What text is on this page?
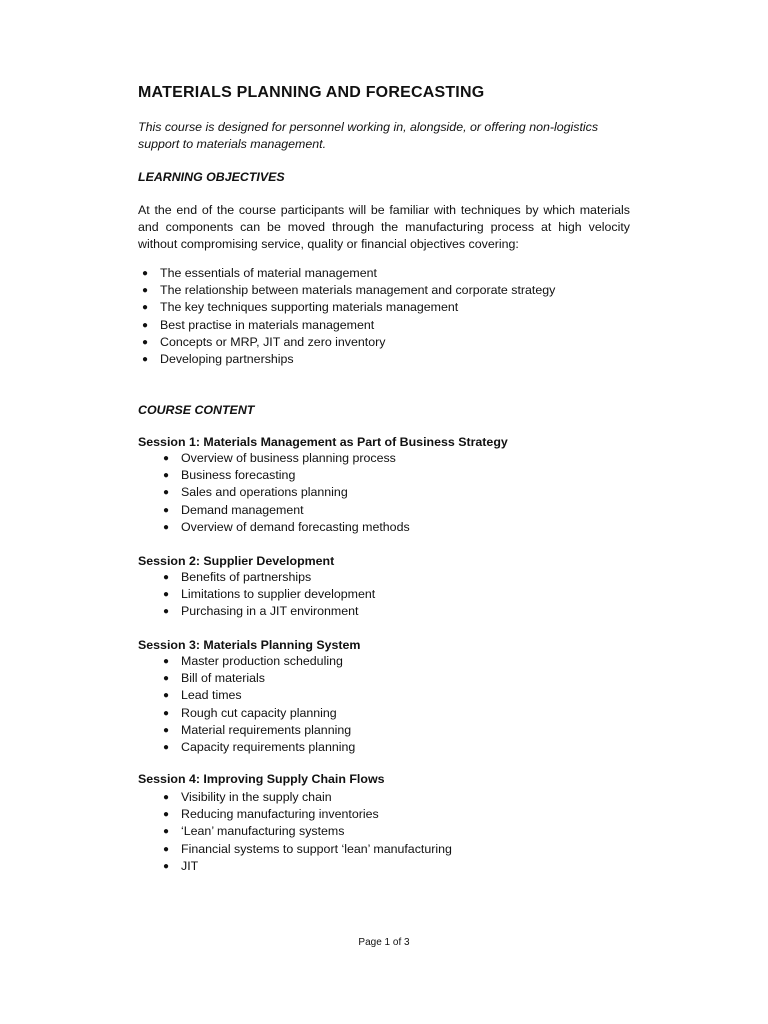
MATERIALS PLANNING AND FORECASTING

This course is designed for personnel working in, alongside, or offering non-logistics support to materials management.

LEARNING OBJECTIVES

At the end of the course participants will be familiar with techniques by which materials and components can be moved through the manufacturing process at high velocity without compromising service, quality or financial objectives covering:

● The essentials of material management
● The relationship between materials management and corporate strategy
● The key techniques supporting materials management
● Best practise in materials management
● Concepts or MRP, JIT and zero inventory
● Developing partnerships
COURSE CONTENT
Session 1: Materials Management as Part of Business Strategy
● Overview of business planning process
● Business forecasting
● Sales and operations planning
● Demand management
● Overview of demand forecasting methods
Session 2: Supplier Development
● Benefits of partnerships
● Limitations to supplier development
● Purchasing in a JIT environment
Session 3: Materials Planning System
● Master production scheduling
● Bill of materials
● Lead times
● Rough cut capacity planning
● Material requirements planning
● Capacity requirements planning
Session 4: Improving Supply Chain Flows
● Visibility in the supply chain
● Reducing manufacturing inventories
● ‘Lean’ manufacturing systems
● Financial systems to support ‘lean’ manufacturing
● JIT
Page 1 of 3
